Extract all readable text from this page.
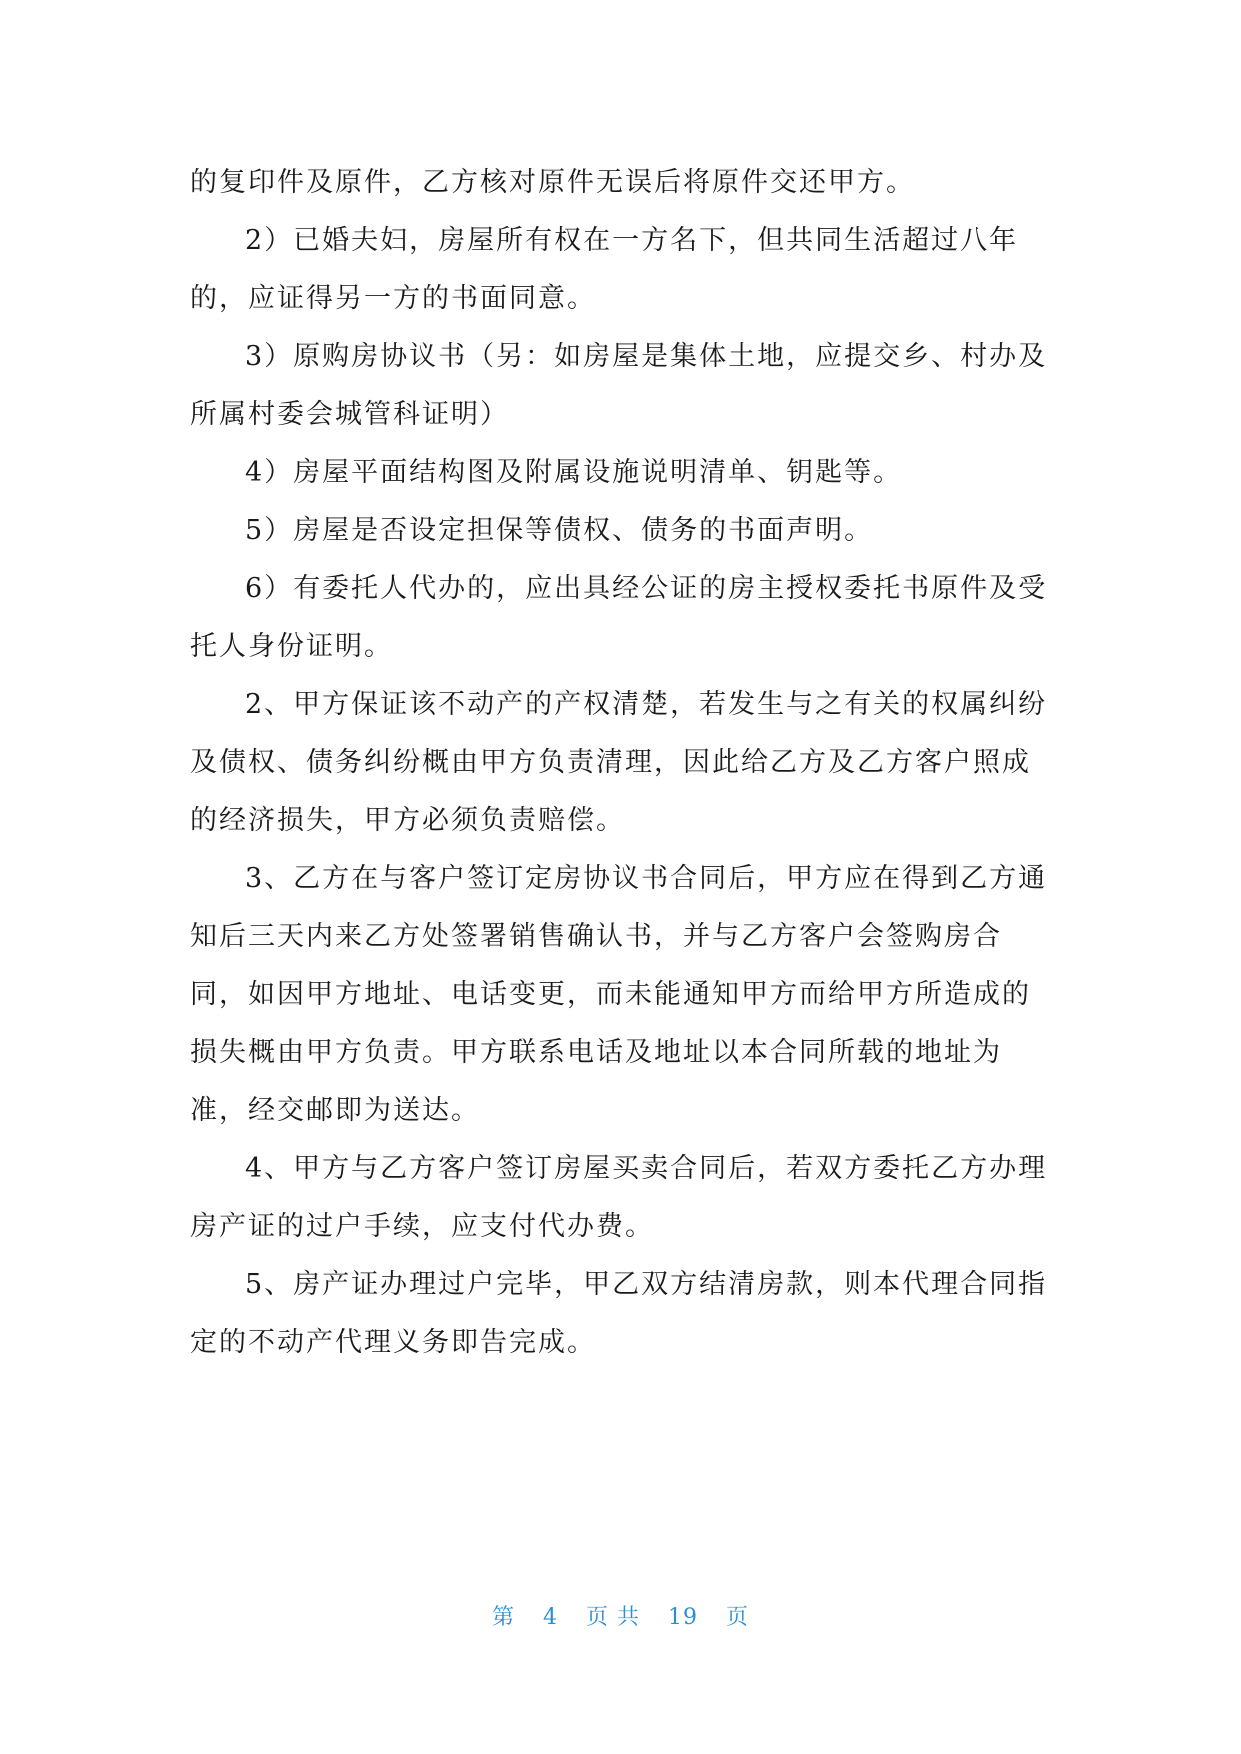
的复印件及原件，乙方核对原件无误后将原件交还甲方。
2）已婚夫妇，房屋所有权在一方名下，但共同生活超过八年
的，应证得另一方的书面同意。
3）原购房协议书（另：如房屋是集体土地，应提交乡、村办及
所属村委会城管科证明）
4）房屋平面结构图及附属设施说明清单、钥匙等。
5）房屋是否设定担保等债权、债务的书面声明。
6）有委托人代办的，应出具经公证的房主授权委托书原件及受
托人身份证明。
2、甲方保证该不动产的产权清楚，若发生与之有关的权属纠纷
及债权、债务纠纷概由甲方负责清理，因此给乙方及乙方客户照成
的经济损失，甲方必须负责赔偿。
3、乙方在与客户签订定房协议书合同后，甲方应在得到乙方通
知后三天内来乙方处签署销售确认书，并与乙方客户会签购房合
同，如因甲方地址、电话变更，而未能通知甲方而给甲方所造成的
损失概由甲方负责。甲方联系电话及地址以本合同所载的地址为
准，经交邮即为送达。
4、甲方与乙方客户签订房屋买卖合同后，若双方委托乙方办理
房产证的过户手续，应支付代办费。
5、房产证办理过户完毕，甲乙双方结清房款，则本代理合同指
定的不动产代理义务即告完成。
第 4 页 共 19 页
